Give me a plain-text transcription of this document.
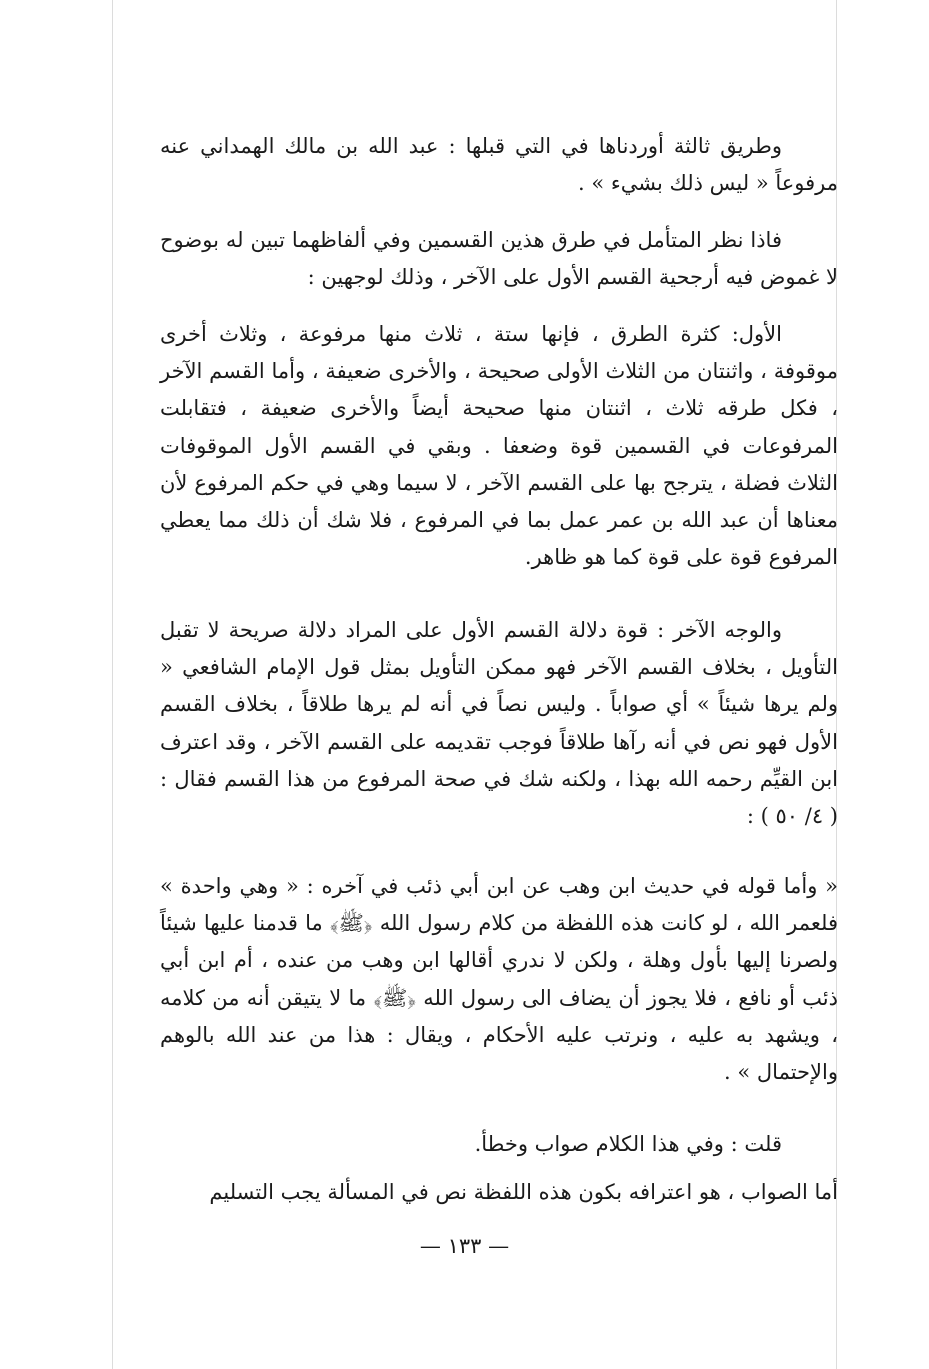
وطريق ثالثة أوردناها في التي قبلها : عبد الله بن مالك الهمداني عنه مرفوعاً « ليس ذلك بشيء » .

فاذا نظر المتأمل في طرق هذين القسمين وفي ألفاظهما تبين له بوضوح لا غموض فيه أرجحية القسم الأول على الآخر ، وذلك لوجهين :

الأول: كثرة الطرق ، فإنها ستة ، ثلاث منها مرفوعة ، وثلاث أخرى موقوفة ، واثنتان من الثلاث الأولى صحيحة ، والأخرى ضعيفة ، وأما القسم الآخر ، فكل طرقه ثلاث ، اثنتان منها صحيحة أيضاً والأخرى ضعيفة ، فتقابلت المرفوعات في القسمين قوة وضعفا . وبقي في القسم الأول الموقوفات الثلاث فضلة ، يترجح بها على القسم الآخر ، لا سيما وهي في حكم المرفوع لأن معناها أن عبد الله بن عمر عمل بما في المرفوع ، فلا شك أن ذلك مما يعطي المرفوع قوة على قوة كما هو ظاهر.

والوجه الآخر : قوة دلالة القسم الأول على المراد دلالة صريحة لا تقبل التأويل ، بخلاف القسم الآخر فهو ممكن التأويل بمثل قول الإمام الشافعي « ولم يرها شيئاً » أي صواباً . وليس نصاً في أنه لم يرها طلاقاً ، بخلاف القسم الأول فهو نص في أنه رآها طلاقاً فوجب تقديمه على القسم الآخر ، وقد اعترف ابن القيِّم رحمه الله بهذا ، ولكنه شك في صحة المرفوع من هذا القسم فقال : ( ٤/ ٥٠ ) :

« وأما قوله في حديث ابن وهب عن ابن أبي ذئب في آخره : « وهي واحدة » فلعمر الله ، لو كانت هذه اللفظة من كلام رسول الله ﴿ﷺ﴾ ما قدمنا عليها شيئاً ولصرنا إليها بأول وهلة ، ولكن لا ندري أقالها ابن وهب من عنده ، أم ابن أبي ذئب أو نافع ، فلا يجوز أن يضاف الى رسول الله ﴿ﷺ﴾ ما لا يتيقن أنه من كلامه ، ويشهد به عليه ، ونرتب عليه الأحكام ، ويقال : هذا من عند الله بالوهم والإحتمال » .

قلت : وفي هذا الكلام صواب وخطأ.

أما الصواب ، هو اعترافه بكون هذه اللفظة نص في المسألة يجب التسليم

— ١٣٣ —
